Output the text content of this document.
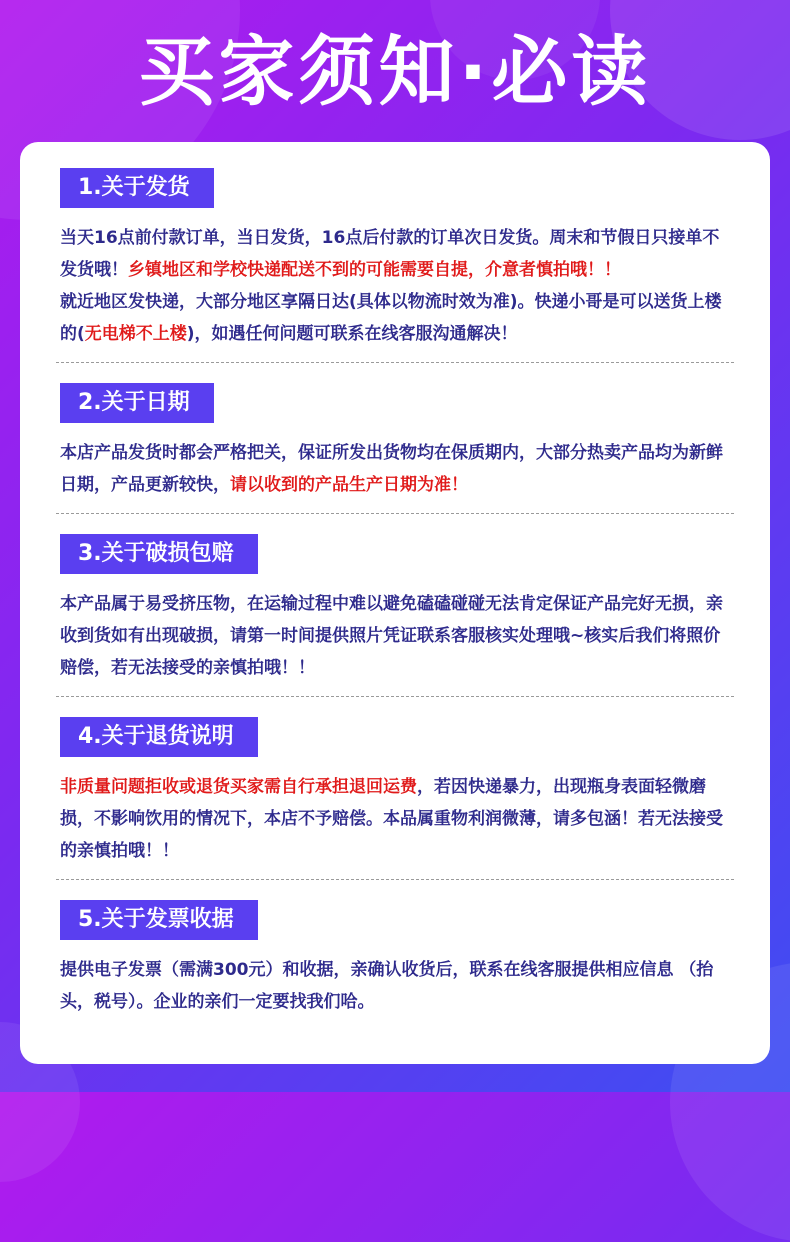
买家须知·必读
1.关于发货

当天16点前付款订单，当日发货，16点后付款的订单次日发货。周末和节假日只接单不发货哦！乡镇地区和学校快递配送不到的可能需要自提，介意者慎拍哦！！

就近地区发快递，大部分地区享隔日达(具体以物流时效为准)。快递小哥是可以送货上楼的(无电梯不上楼)，如遇任何问题可联系在线客服沟通解决！

2.关于日期

本店产品发货时都会严格把关，保证所发出货物均在保质期内，大部分热卖产品均为新鲜日期，产品更新较快，请以收到的产品生产日期为准！

3.关于破损包赔

本产品属于易受挤压物，在运输过程中难以避免磕磕碰碰无法肯定保证产品完好无损，亲收到货如有出现破损，请第一时间提供照片凭证联系客服核实处理哦~核实后我们将照价赔偿，若无法接受的亲慎拍哦！！

4.关于退货说明

非质量问题拒收或退货买家需自行承担退回运费，若因快递暴力，出现瓶身表面轻微磨损，不影响饮用的情况下，本店不予赔偿。本品属重物利润微薄，请多包涵！若无法接受的亲慎拍哦！！

5.关于发票收据

提供电子发票（需满300元）和收据，亲确认收货后，联系在线客服提供相应信息 （抬头，税号）。企业的亲们一定要找我们哈。
